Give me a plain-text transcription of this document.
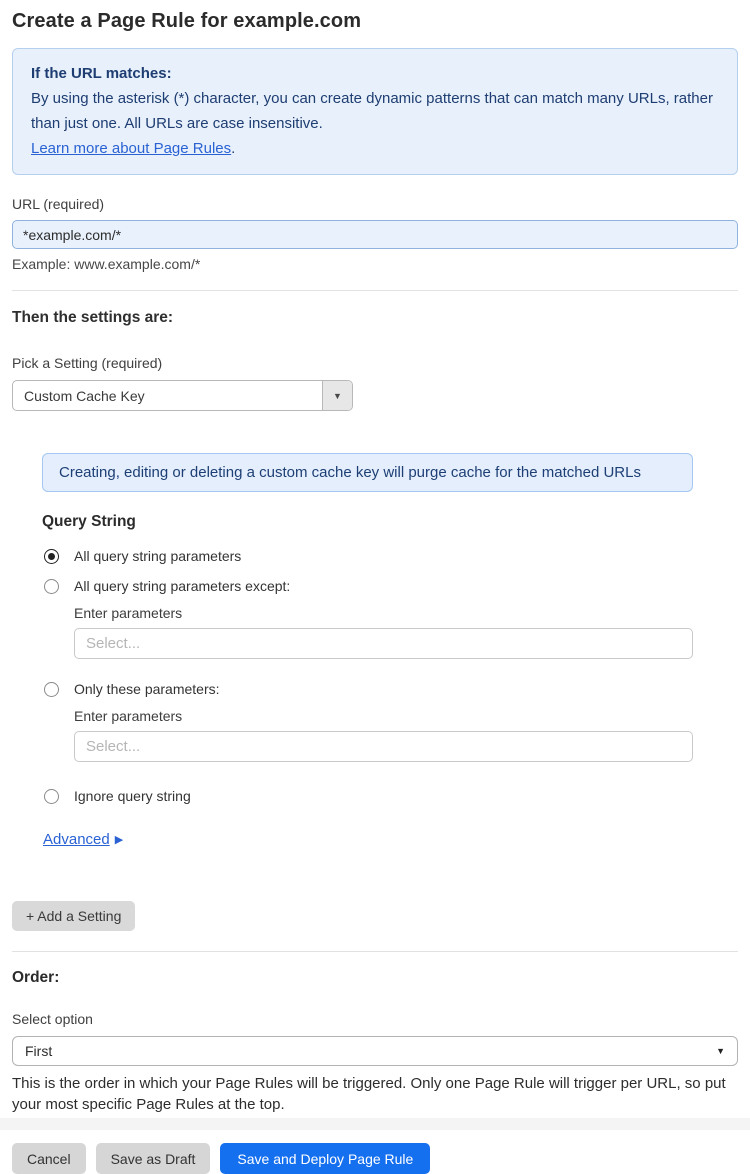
Create a Page Rule for example.com
If the URL matches:
By using the asterisk (*) character, you can create dynamic patterns that can match many URLs, rather than just one. All URLs are case insensitive.
Learn more about Page Rules.
URL (required)
*example.com/*
Example: www.example.com/*
Then the settings are:
Pick a Setting (required)
Custom Cache Key	▼
Creating, editing or deleting a custom cache key will purge cache for the matched URLs
Query String
All query string parameters
All query string parameters except:
Enter parameters
Select...
Only these parameters:
Enter parameters
Select...
Ignore query string
Advanced ▶
+ Add a Setting
Order:
Select option
First	▼
This is the order in which your Page Rules will be triggered. Only one Page Rule will trigger per URL, so put your most specific Page Rules at the top.
Cancel	Save as Draft	Save and Deploy Page Rule
